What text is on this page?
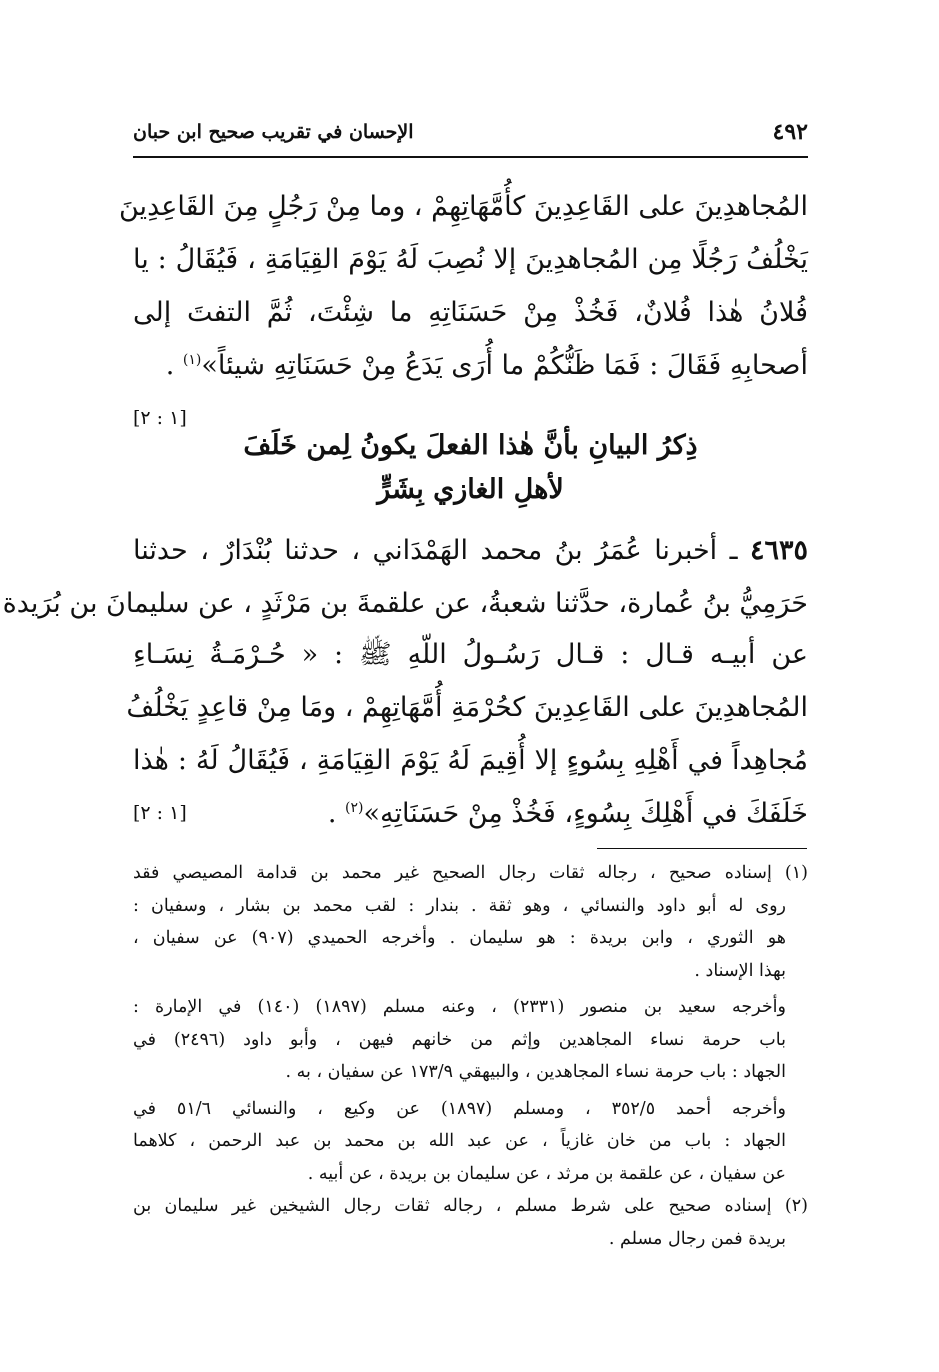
٤٩٢
الإحسان في تقريب صحيح ابن حبان
المُجاهدِينَ على القَاعِدِينَ كأُمَّهَاتِهِمْ ، وما مِنْ رَجُلٍ مِنَ القَاعِدِينَ
يَخْلُفُ رَجُلًا مِن المُجاهدِينَ إلا نُصِبَ لَهُ يَوْمَ القِيَامَةِ ، فَيُقَالُ : يا
فُلانُ هٰذا فُلانٌ، فَخُذْ مِنْ حَسَنَاتِهِ ما شِئْتَ، ثُمَّ التفتَ إلى
أصحابِهِ فَقَالَ : فَمَا ظَنُّكُمْ ما أُرَى يَدَعُ مِنْ حَسَنَاتِهِ شيئاً»$^{(١)}$ .
[١ : ٢]
ذِكرُ البيانِ بأنَّ هٰذا الفعلَ يكونُ لِمن خَلَفَ
لأهلِ الغازي بِشَرٍّ
٤٦٣٥ ـ أخبرنا عُمَرُ بنُ محمد الهَمْدَاني ، حدثنا بُنْدَارٌ ، حدثنا
حَرَمِيُّ بنُ عُمارة، حدَّثنا شعبةُ، عن علقمةَ بن مَرْثَدٍ ، عن سليمانَ بن بُرَيدة
عن أبيـه قـال : قـال رَسُـولُ اللّهِ ﷺ : « حُـرْمَـةُ نِسَـاءِ
المُجاهدِينَ على القَاعِدِينَ كحُرْمَةِ أُمَّهَاتِهِمْ ، ومَا مِنْ قاعِدٍ يَخْلُفُ
مُجاهِداً في أَهْلِهِ بِسُوءٍ إلا أُقِيمَ لَهُ يَوْمَ القِيَامَةِ ، فَيُقَالُ لَهُ : هٰذا
خَلَفَكَ في أَهْلِكَ بِسُوءٍ، فَخُذْ مِنْ حَسَنَاتِهِ»$^{(٢)}$ .
[١ : ٢]
(١) إسناده صحيح ، رجاله ثقات رجال الصحيح غير محمد بن قدامة المصيصي فقد
روى له أبو داود والنسائي ، وهو ثقة . بندار : لقب محمد بن بشار ، وسفيان :
هو الثوري ، وابن بريدة : هو سليمان . وأخرجه الحميدي (٩٠٧) عن سفيان ،
بهذا الإسناد .
وأخرجه سعيد بن منصور (٢٣٣١) ، وعنه مسلم (١٨٩٧) (١٤٠) في الإمارة :
باب حرمة نساء المجاهدين وإثم من خانهم فيهن ، وأبو داود (٢٤٩٦) في
الجهاد : باب حرمة نساء المجاهدين ، والبيهقي ١٧٣/٩ عن سفيان ، به .
وأخرجه أحمد ٣٥٢/٥ ، ومسلم (١٨٩٧) عن وكيع ، والنسائي ٥١/٦ في
الجهاد : باب من خان غازياً ، عن عبد الله بن محمد بن عبد الرحمن ، كلاهما
عن سفيان ، عن علقمة بن مرثد ، عن سليمان بن بريدة ، عن أبيه .
(٢) إسناده صحيح على شرط مسلم ، رجاله ثقات رجال الشيخين غير سليمان بن
بريدة فمن رجال مسلم .
